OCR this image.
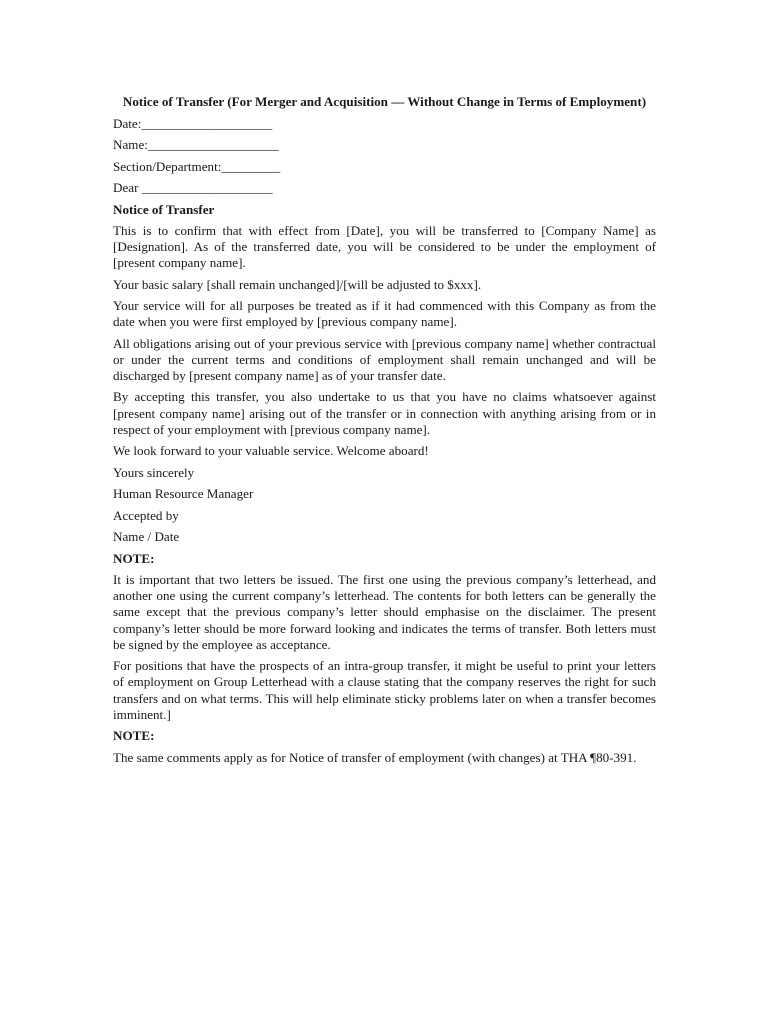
Notice of Transfer (For Merger and Acquisition — Without Change in Terms of Employment)
Date:____________________
Name:____________________
Section/Department:_________
Dear ____________________
Notice of Transfer
This is to confirm that with effect from [Date], you will be transferred to [Company Name] as [Designation]. As of the transferred date, you will be considered to be under the employment of [present company name].
Your basic salary [shall remain unchanged]/[will be adjusted to $xxx].
Your service will for all purposes be treated as if it had commenced with this Company as from the date when you were first employed by [previous company name].
All obligations arising out of your previous service with [previous company name] whether contractual or under the current terms and conditions of employment shall remain unchanged and will be discharged by [present company name] as of your transfer date.
By accepting this transfer, you also undertake to us that you have no claims whatsoever against [present company name] arising out of the transfer or in connection with anything arising from or in respect of your employment with [previous company name].
We look forward to your valuable service. Welcome aboard!
Yours sincerely
Human Resource Manager
Accepted by
Name / Date
NOTE:
It is important that two letters be issued. The first one using the previous company’s letterhead, and another one using the current company’s letterhead. The contents for both letters can be generally the same except that the previous company’s letter should emphasise on the disclaimer. The present company’s letter should be more forward looking and indicates the terms of transfer. Both letters must be signed by the employee as acceptance.
For positions that have the prospects of an intra-group transfer, it might be useful to print your letters of employment on Group Letterhead with a clause stating that the company reserves the right for such transfers and on what terms. This will help eliminate sticky problems later on when a transfer becomes imminent.]
NOTE:
The same comments apply as for Notice of transfer of employment (with changes) at THA ¶80-391.
